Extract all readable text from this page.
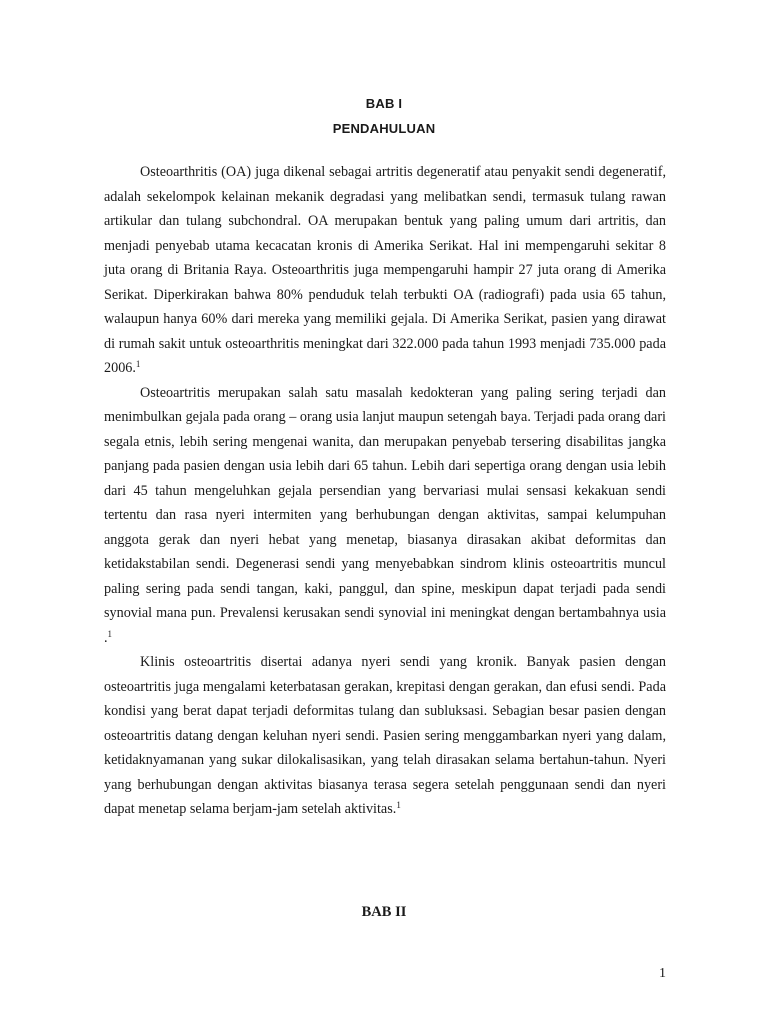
BAB I
PENDAHULUAN

Osteoarthritis (OA) juga dikenal sebagai artritis degeneratif atau penyakit sendi degeneratif, adalah sekelompok kelainan mekanik degradasi yang melibatkan sendi, termasuk tulang rawan artikular dan tulang subchondral. OA merupakan bentuk yang paling umum dari artritis, dan menjadi penyebab utama kecacatan kronis di Amerika Serikat. Hal ini mempengaruhi sekitar 8 juta orang di Britania Raya. Osteoarthritis juga mempengaruhi hampir 27 juta orang di Amerika Serikat. Diperkirakan bahwa 80% penduduk telah terbukti OA (radiografi) pada usia 65 tahun, walaupun hanya 60% dari mereka yang memiliki gejala. Di Amerika Serikat, pasien yang dirawat di rumah sakit untuk osteoarthritis meningkat dari 322.000 pada tahun 1993 menjadi 735.000 pada 2006.$^1$

Osteoartritis merupakan salah satu masalah kedokteran yang paling sering terjadi dan menimbulkan gejala pada orang – orang usia lanjut maupun setengah baya. Terjadi pada orang dari segala etnis, lebih sering mengenai wanita, dan merupakan penyebab tersering disabilitas jangka panjang pada pasien dengan usia lebih dari 65 tahun. Lebih dari sepertiga orang dengan usia lebih dari 45 tahun mengeluhkan gejala persendian yang bervariasi mulai sensasi kekakuan sendi tertentu dan rasa nyeri intermiten yang berhubungan dengan aktivitas, sampai kelumpuhan anggota gerak dan nyeri hebat yang menetap, biasanya dirasakan akibat deformitas dan ketidakstabilan sendi. Degenerasi sendi yang menyebabkan sindrom klinis osteoartritis muncul paling sering pada sendi tangan, kaki, panggul, dan spine, meskipun dapat terjadi pada sendi synovial mana pun. Prevalensi kerusakan sendi synovial ini meningkat dengan bertambahnya usia .$^1$

Klinis osteoartritis disertai adanya nyeri sendi yang kronik. Banyak pasien dengan osteoartritis juga mengalami keterbatasan gerakan, krepitasi dengan gerakan, dan efusi sendi. Pada kondisi yang berat dapat terjadi deformitas tulang dan subluksasi. Sebagian besar pasien dengan osteoartritis datang dengan keluhan nyeri sendi. Pasien sering menggambarkan nyeri yang dalam, ketidaknyamanan yang sukar dilokalisasikan, yang telah dirasakan selama bertahun-tahun. Nyeri yang berhubungan dengan aktivitas biasanya terasa segera setelah penggunaan sendi dan nyeri dapat menetap selama berjam-jam setelah aktivitas.$^1$

BAB II
1
